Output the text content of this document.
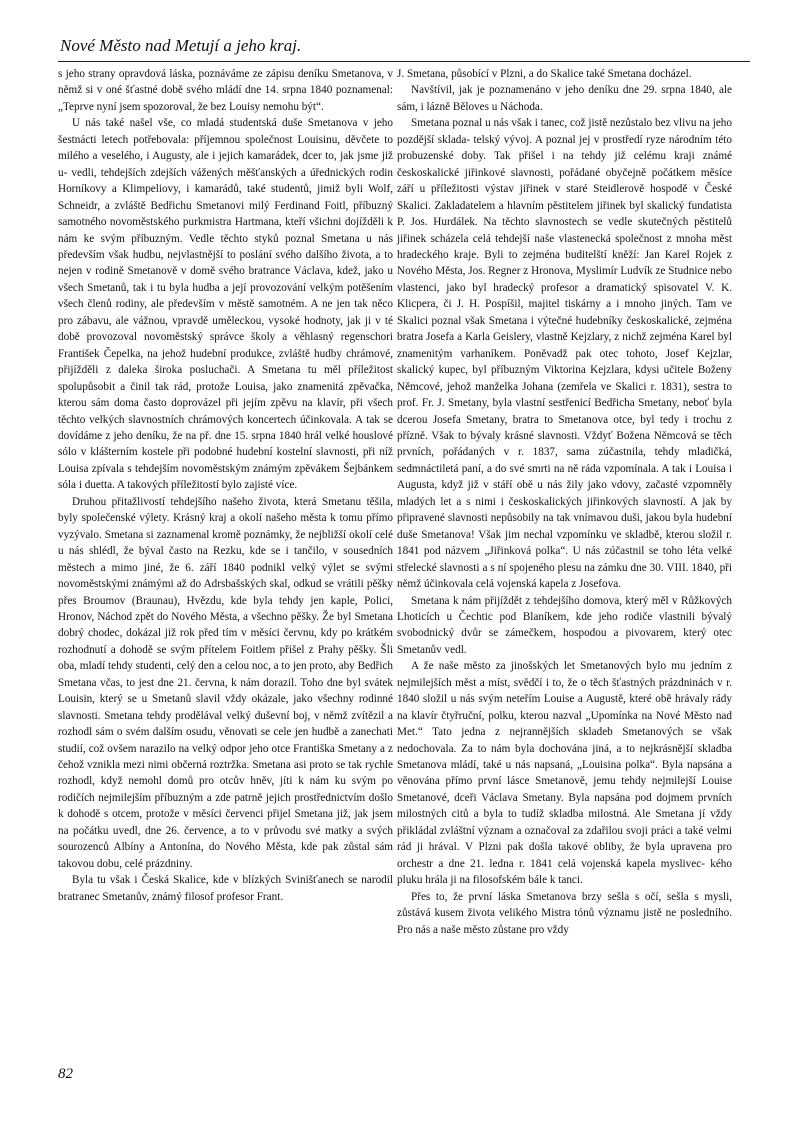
Nové Město nad Metují a jeho kraj.

s jeho strany opravdová láska, poznáváme ze zápisu deníku Smetanova, v němž si v oné šťastné době svého mládí dne 14. srpna 1840 poznamenal: „Teprve nyní jsem spozoroval, že bez Louisy nemohu být“.

U nás také našel vše, co mladá studentská duše Smetanova v jeho šestnácti letech potřebovala: příjemnou společnost Louisinu, děvčete to milého a veselého, i Augusty, ale i jejich kamarádek, dcer to, jak jsme již u- vedli, tehdejších zdejších vážených měšťanských a úřednických rodin Horníkovy a Klimpeliovy, i kamarádů, také studentů, jimiž byli Wolf, Schneidr, a zvláště Bedřichu Smetanovi milý Ferdinand Foitl, příbuzný samotného novoměstského purkmistra Hartmana, kteří všichni dojížděli k nám ke svým příbuzným. Vedle těchto styků poznal Smetana u nás především však hudbu, nejvlastnější to poslání svého dalšího života, a to nejen v rodině Smetanově v domě svého bratrance Václava, kdež, jako u všech Smetanů, tak i tu byla hudba a její provozování velkým potěšením všech členů rodiny, ale především v městě samotném. A ne jen tak něco pro zábavu, ale vážnou, vpravdě uměleckou, vysoké hodnoty, jak ji v té době provozoval novoměstský správce školy a věhlasný regenschori František Čepelka, na jehož hudební produkce, zvláště hudby chrámové, přijížděli z daleka široka posluchači. A Smetana tu měl příležitost spolupůsobit a činil tak rád, protože Louisa, jako znamenitá zpěvačka, kterou sám doma často doprovázel při jejím zpěvu na klavír, při všech těchto velkých slavnostních chrámových koncertech účinkovala. A tak se dovídáme z jeho deníku, že na př. dne 15. srpna 1840 hrál velké houslové sólo v klášterním kostele při podobné hudební kostelní slavnosti, při níž Louisa zpívala s tehdejším novoměstským známým zpěvákem Šejbánkem sóla i duetta. A takových příležitostí bylo zajisté více.

Druhou přitažlivostí tehdejšího našeho života, která Smetanu těšila, byly společenské výlety. Krásný kraj a okolí našeho města k tomu přímo vyzývalo. Smetana si zaznamenal kromě poznámky, že nejbližší okolí celé u nás shlédl, že býval často na Rezku, kde se i tančilo, v sousedních městech a mimo jiné, že 6. září 1840 podnikl velký výlet se svými novoměstskými známými až do Adrsbašských skal, odkud se vrátili pěšky přes Broumov (Braunau), Hvězdu, kde byla tehdy jen kaple, Polici, Hronov, Náchod zpět do Nového Města, a všechno pěšky. Že byl Smetana dobrý chodec, dokázal již rok před tím v měsíci červnu, kdy po krátkém rozhodnutí a dohodě se svým přítelem Foitlem přišel z Prahy pěšky. Šli oba, mladí tehdy studenti, celý den a celou noc, a to jen proto, aby Bedřich Smetana včas, to jest dne 21. června, k nám dorazil. Toho dne byl svátek Louisin, který se u Smetanů slavil vždy okázale, jako všechny rodinné slavnosti. Smetana tehdy prodělával velký duševní boj, v němž zvítězil a rozhodl sám o svém dalším osudu, věnovati se cele jen hudbě a zanechati studií, což ovšem narazilo na velký odpor jeho otce Františka Smetany a z čehož vznikla mezi nimi občerná roztržka. Smetana asi proto se tak rychle rozhodl, když nemohl domů pro otcův hněv, jíti k nám ku svým po rodičích nejmilejším příbuzným a zde patrně jejich prostřednictvím došlo k dohodě s otcem, protože v měsíci červenci přijel Smetana již, jak jsem na počátku uvedl, dne 26. července, a to v průvodu své matky a svých sourozenců Albíny a Antonína, do Nového Města, kde pak zůstal sám takovou dobu, celé prázdniny.

Byla tu však i Česká Skalice, kde v blízkých Svinišťanech se narodil bratranec Smetanův, známý filosof profesor Frant.

J. Smetana, působící v Plzni, a do Skalice také Smetana docházel.

Navštívil, jak je poznamenáno v jeho deníku dne 29. srpna 1840, ale sám, i lázně Běloves u Náchoda.

Smetana poznal u nás však i tanec, což jistě nezůstalo bez vlivu na jeho pozdější sklada- telský vývoj. A poznal jej v prostředí ryze národním této probuzenské doby. Tak přišel i na tehdy již celému kraji známé českoskalické jiřinkové slavnosti, pořádané obyčejně počátkem měsíce září u příležitosti výstav jiřinek v staré Steidlerově hospodě v České Skalici. Zakladatelem a hlavním pěstitelem jiřinek byl skalický fundatista P. Jos. Hurdálek. Na těchto slavnostech se vedle skutečných pěstitelů jiřinek scházela celá tehdejší naše vlastenecká společnost z mnoha měst hradeckého kraje. Byli to zejména buditelští kněží: Jan Karel Rojek z Nového Města, Jos. Regner z Hronova, Myslimír Ludvík ze Studnice nebo vlastenci, jako byl hradecký profesor a dramatický spisovatel V. K. Klicpera, či J. H. Pospíšil, majitel tiskárny a i mnoho jiných. Tam ve Skalici poznal však Smetana i výtečné hudebníky českoskalické, zejména bratra Josefa a Karla Geislery, vlastně Kejzlary, z nichž zejména Karel byl znamenitým varhaníkem. Poněvadž pak otec tohoto, Josef Kejzlar, skalický kupec, byl příbuzným Viktorina Kejzlara, kdysi učitele Boženy Němcové, jehož manželka Johana (zemřela ve Skalici r. 1831), sestra to prof. Fr. J. Smetany, byla vlastní sestřenicí Bedřicha Smetany, neboť byla dcerou Josefa Smetany, bratra to Smetanova otce, byl tedy i trochu z přízně. Však to bývaly krásné slavnosti. Vždyť Božena Němcová se těch prvních, pořádaných v r. 1837, sama zúčastnila, tehdy mladičká, sedmnáctiletá paní, a do své smrti na ně ráda vzpomínala. A tak i Louisa i Augusta, když již v stáří obě u nás žily jako vdovy, začasté vzpomněly mladých let a s nimi i českoskalických jiřinkových slavností. A jak by připravené slavnosti nepůsobily na tak vnímavou duši, jakou byla hudební duše Smetanova! Však jim nechal vzpomínku ve skladbě, kterou složil r. 1841 pod názvem „Jiřinková polka“. U nás zúčastnil se toho léta velké střelecké slavnosti a s ní spojeného plesu na zámku dne 30. VIII. 1840, při němž účinkovala celá vojenská kapela z Josefova.

Smetana k nám přijíždět z tehdejšího domova, který měl v Růžkových Lhoticích u Čechtic pod Blaníkem, kde jeho rodiče vlastnili bývalý svobodnický dvůr se zámečkem, hospodou a pivovarem, který otec Smetanův vedl.

A že naše město za jinošských let Smetanových bylo mu jedním z nejmilejších měst a míst, svědčí i to, že o těch šťastných prázdninách v r. 1840 složil u nás svým neteřím Louise a Augustě, které obě hrávaly rády na klavír čtyřruční, polku, kterou nazval „Upomínka na Nové Město nad Met.“ Tato jedna z nejrannějších skladeb Smetanových se však nedochovala. Za to nám byla dochována jiná, a to nejkrásnější skladba Smetanova mládí, také u nás napsaná, „Louisina polka“. Byla napsána a věnována přímo první lásce Smetanově, jemu tehdy nejmilejší Louise Smetanové, dceři Václava Smetany. Byla napsána pod dojmem prvních milostných citů a byla to tudíž skladba milostná. Ale Smetana jí vždy přikládal zvláštní význam a označoval za zdařilou svoji práci a také velmi rád ji hrával. V Plzni pak došla takové obliby, že byla upravena pro orchestr a dne 21. ledna r. 1841 celá vojenská kapela myslivec- kého pluku hrála ji na filosofském bále k tanci.

Přes to, že první láska Smetanova brzy sešla s očí, sešla s mysli, zůstává kusem života velikého Mistra tónů významu jistě ne posledního. Pro nás a naše město zůstane pro vždy

82
